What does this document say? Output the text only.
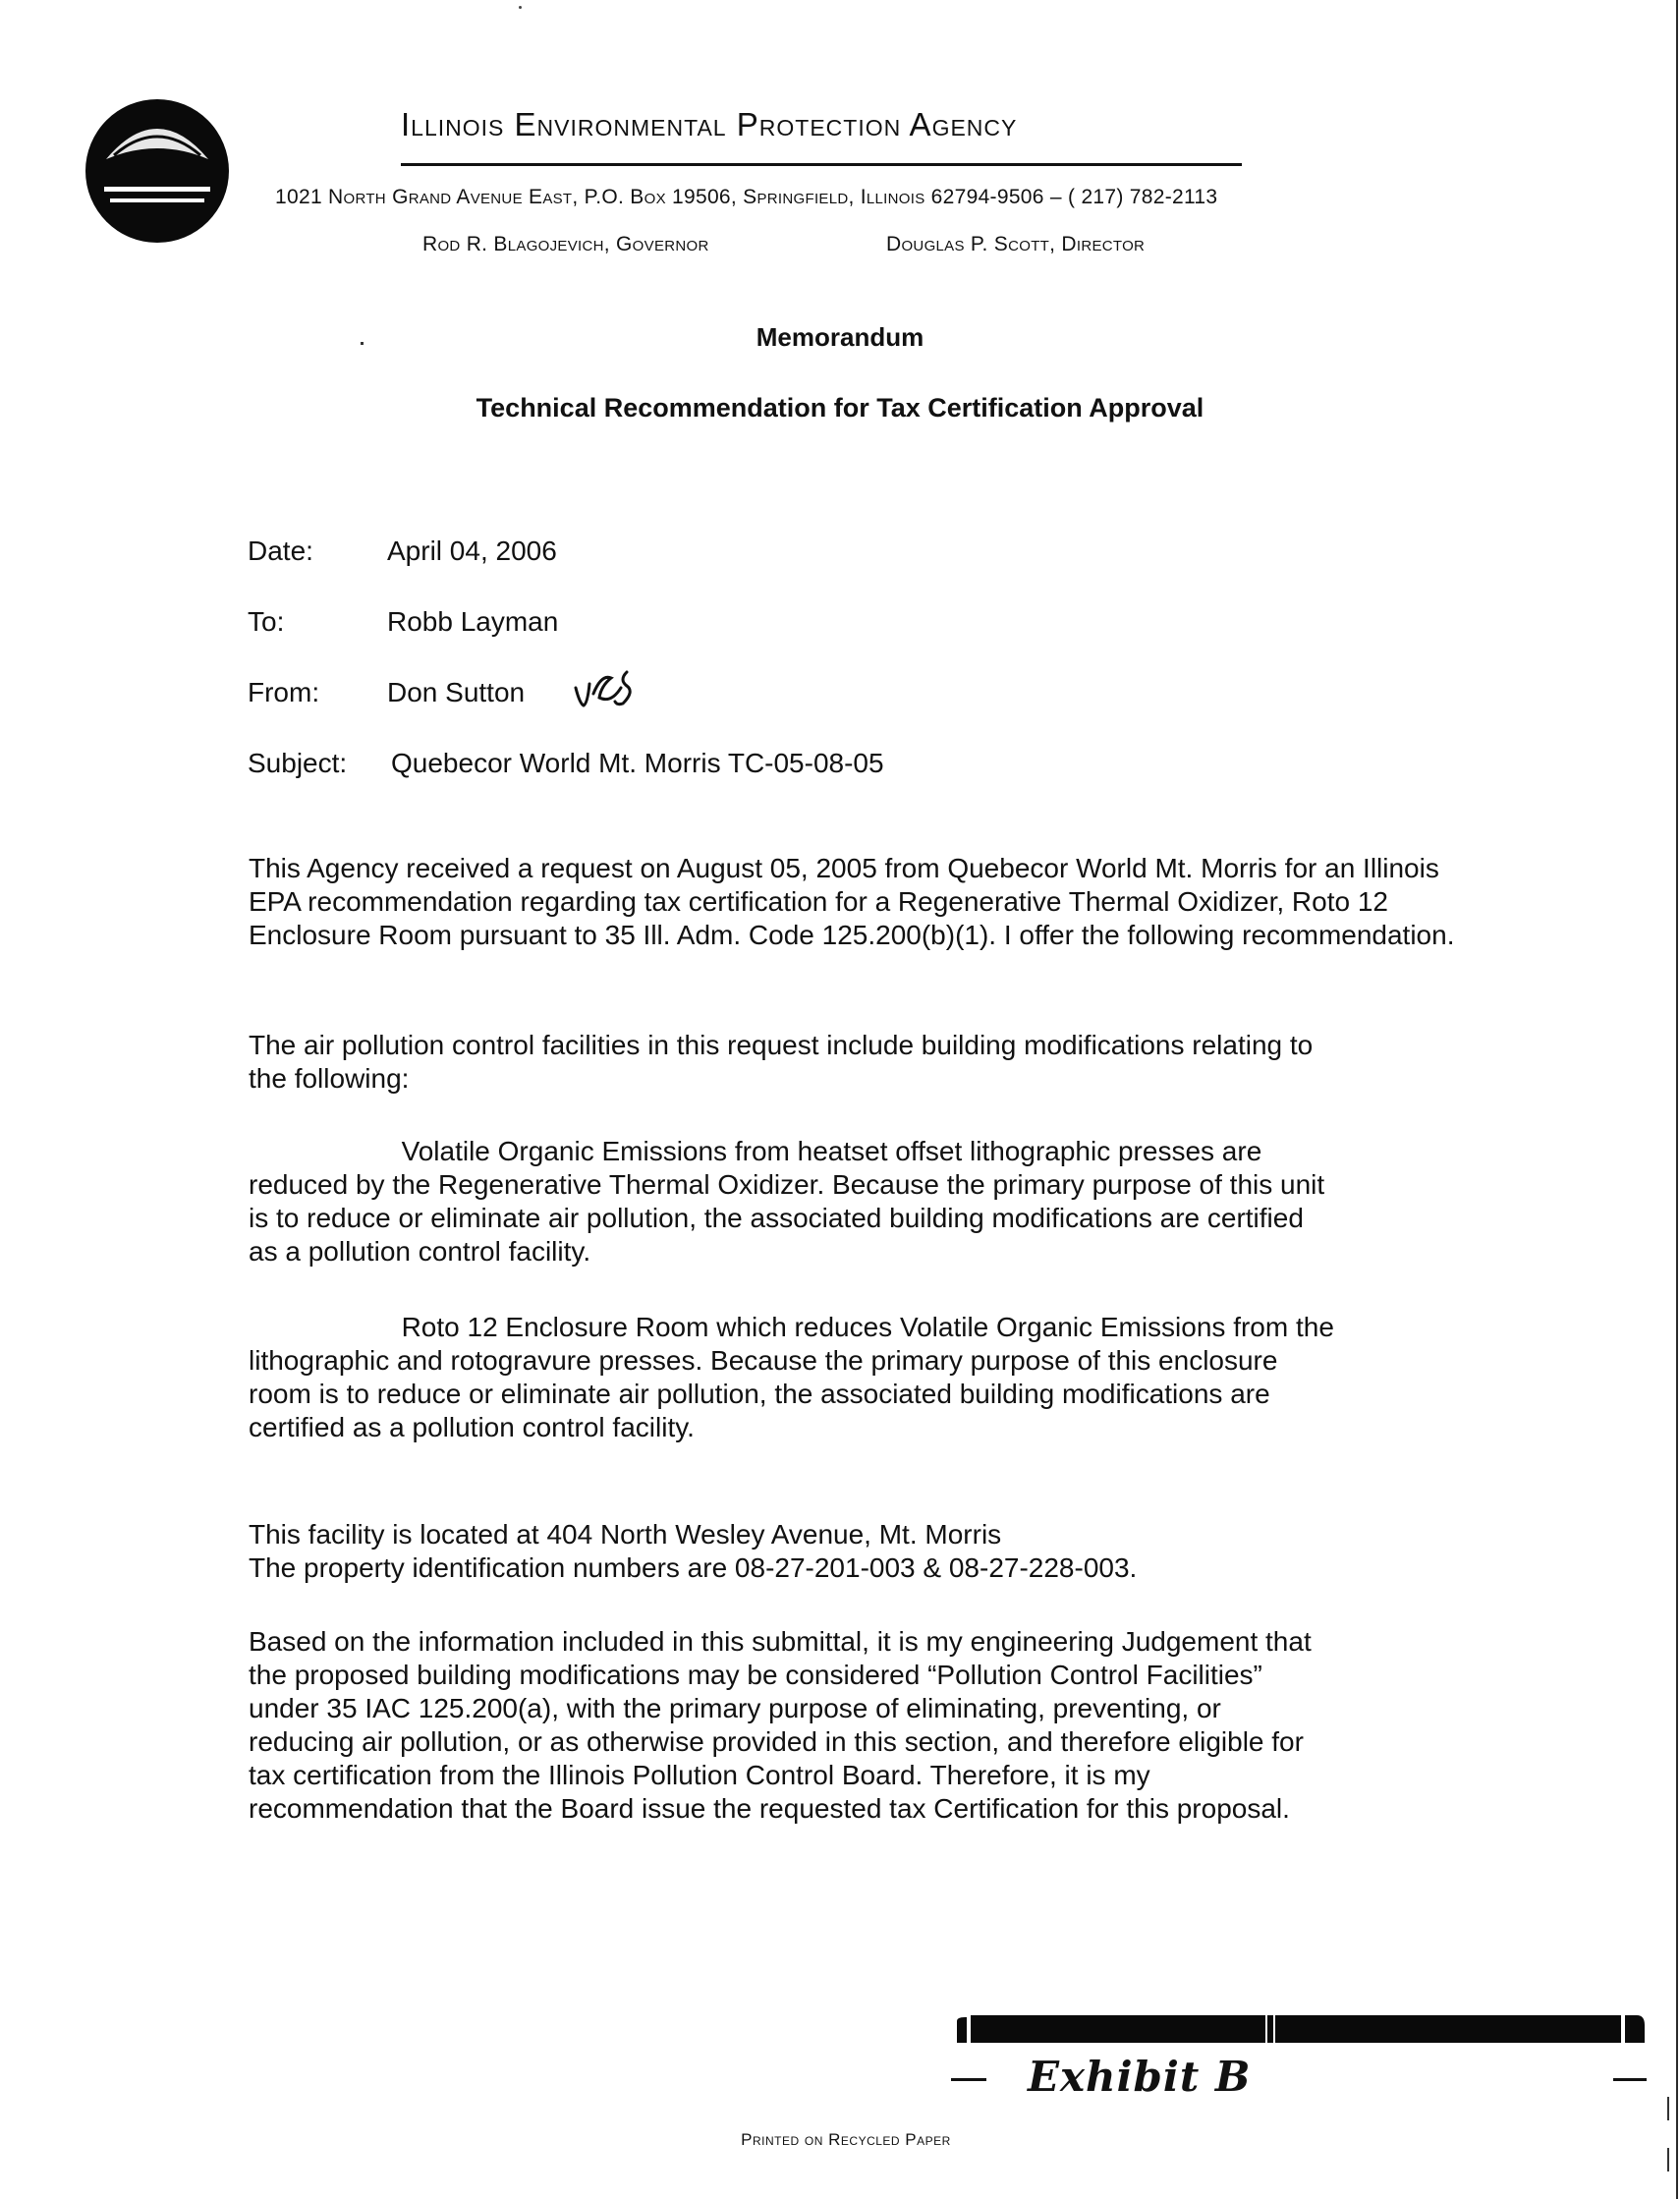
Illinois Environmental Protection Agency
1021 North Grand Avenue East, P.O. Box 19506, Springfield, Illinois 62794-9506 – ( 217) 782-2113
Rod R. Blagojevich, Governor	Douglas P. Scott, Director
Memorandum
Technical Recommendation for Tax Certification Approval
Date:	April 04, 2006
To:	Robb Layman
From: Don Sutton
Subject: Quebecor World Mt. Morris TC-05-08-05
This Agency received a request on August 05, 2005 from Quebecor World Mt. Morris for an Illinois
EPA recommendation regarding tax certification for a Regenerative Thermal Oxidizer, Roto 12
Enclosure Room pursuant to 35 Ill. Adm. Code 125.200(b)(1). I offer the following recommendation.
The air pollution control facilities in this request include building modifications relating to
the following:
Volatile Organic Emissions from heatset offset lithographic presses are
reduced by the Regenerative Thermal Oxidizer. Because the primary purpose of this unit
is to reduce or eliminate air pollution, the associated building modifications are certified
as a pollution control facility.
Roto 12 Enclosure Room which reduces Volatile Organic Emissions from the
lithographic and rotogravure presses. Because the primary purpose of this enclosure
room is to reduce or eliminate air pollution, the associated building modifications are
certified as a pollution control facility.
This facility is located at 404 North Wesley Avenue, Mt. Morris
The property identification numbers are 08-27-201-003 & 08-27-228-003.
Based on the information included in this submittal, it is my engineering Judgement that
the proposed building modifications may be considered “Pollution Control Facilities”
under 35 IAC 125.200(a), with the primary purpose of eliminating, preventing, or
reducing air pollution, or as otherwise provided in this section, and therefore eligible for
tax certification from the Illinois Pollution Control Board. Therefore, it is my
recommendation that the Board issue the requested tax Certification for this proposal.
Exhibit B
Printed on Recycled Paper
